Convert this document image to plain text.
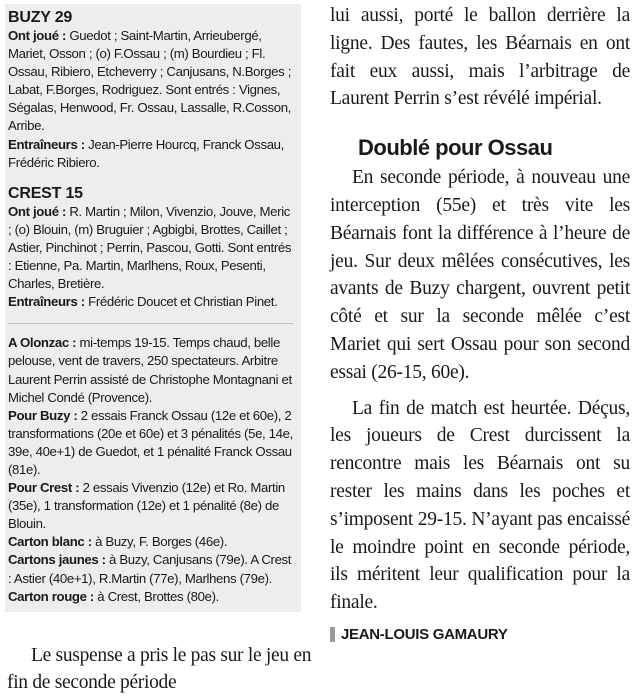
BUZY 29

Ont joué : Guedot ; Saint-Martin, Arrieubergé, Mariet, Osson ; (o) F.Ossau ; (m) Bourdieu ; Fl. Ossau, Ribiero, Etcheverry ; Canjusans, N.Borges ; Labat, F.Borges, Rodriguez. Sont entrés : Vignes, Ségalas, Henwood, Fr. Ossau, Lassalle, R.Cosson, Arribe.

Entraîneurs : Jean-Pierre Hourcq, Franck Ossau, Frédéric Ribiero.

CREST 15

Ont joué : R. Martin ; Milon, Vivenzio, Jouve, Meric ; (o) Blouin, (m) Bruguier ; Agbigbi, Brottes, Caillet ; Astier, Pinchinot ; Perrin, Pascou, Gotti. Sont entrés : Etienne, Pa. Martin, Marlhens, Roux, Pesenti, Charles, Bretière.

Entraîneurs : Frédéric Doucet et Christian Pinet.

A Olonzac : mi-temps 19-15. Temps chaud, belle pelouse, vent de travers, 250 spectateurs. Arbitre Laurent Perrin assisté de Christophe Montagnani et Michel Condé (Provence).

Pour Buzy : 2 essais Franck Ossau (12e et 60e), 2 transformations (20e et 60e) et 3 pénalités (5e, 14e, 39e, 40e+1) de Guedot, et 1 pénalité Franck Ossau (81e).

Pour Crest : 2 essais Vivenzio (12e) et Ro. Martin (35e), 1 transformation (12e) et 1 pénalité (8e) de Blouin.

Carton blanc : à Buzy, F. Borges (46e).

Cartons jaunes : à Buzy, Canjusans (79e). A Crest : Astier (40e+1), R.Martin (77e), Marlhens (79e).

Carton rouge : à Crest, Brottes (80e).

Le suspense a pris le pas sur le jeu en fin de seconde période

lui aussi, porté le ballon derrière la ligne. Des fautes, les Béarnais en ont fait eux aussi, mais l’arbitrage de Laurent Perrin s’est révélé impérial.

Doublé pour Ossau

En seconde période, à nouveau une interception (55e) et très vite les Béarnais font la différence à l’heure de jeu. Sur deux mêlées consécutives, les avants de Buzy chargent, ouvrent petit côté et sur la seconde mêlée c’est Mariet qui sert Ossau pour son second essai (26-15, 60e).

La fin de match est heurtée. Déçus, les joueurs de Crest durcissent la rencontre mais les Béarnais ont su rester les mains dans les poches et s’imposent 29-15. N’ayant pas encaissé le moindre point en seconde période, ils méritent leur qualification pour la finale.

JEAN-LOUIS GAMAURY
